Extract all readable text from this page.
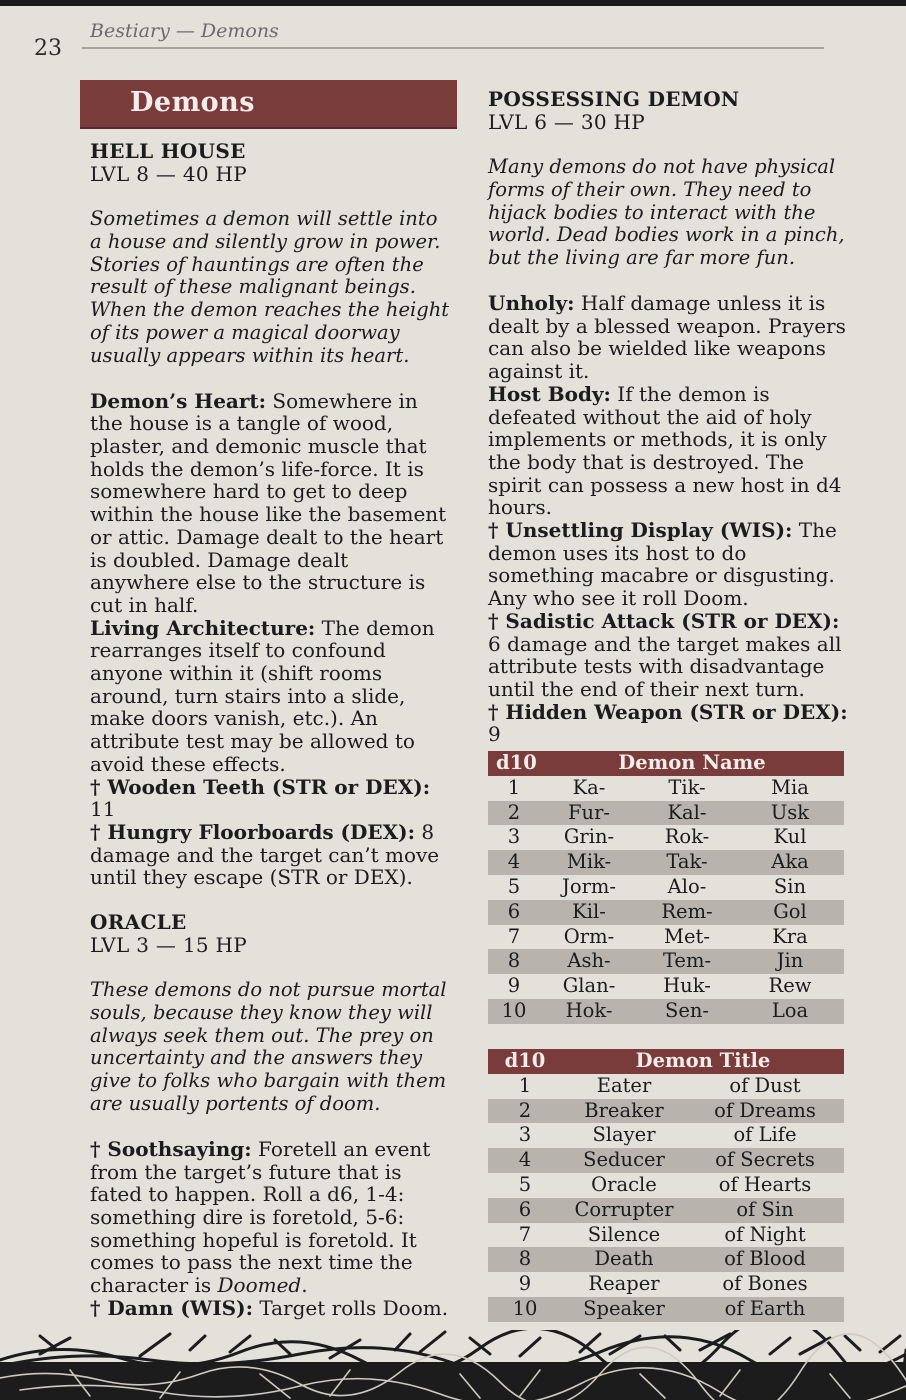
23
Bestiary — Demons
Demons
HELL HOUSE
LVL 8 — 40 HP
Sometimes a demon will settle into a house and silently grow in power. Stories of hauntings are often the result of these malignant beings. When the demon reaches the height of its power a magical doorway usually appears within its heart.
Demon’s Heart: Somewhere in the house is a tangle of wood, plaster, and demonic muscle that holds the demon’s life-force. It is somewhere hard to get to deep within the house like the basement or attic. Damage dealt to the heart is doubled. Damage dealt anywhere else to the structure is cut in half.
Living Architecture: The demon rearranges itself to confound anyone within it (shift rooms around, turn stairs into a slide, make doors vanish, etc.). An attribute test may be allowed to avoid these effects.
† Wooden Teeth (STR or DEX): 11
† Hungry Floorboards (DEX): 8 damage and the target can’t move until they escape (STR or DEX).
ORACLE
LVL 3 — 15 HP
These demons do not pursue mortal souls, because they know they will always seek them out. The prey on uncertainty and the answers they give to folks who bargain with them are usually portents of doom.
† Soothsaying: Foretell an event from the target’s future that is fated to happen. Roll a d6, 1-4: something dire is foretold, 5-6: something hopeful is foretold. It comes to pass the next time the character is Doomed.
† Damn (WIS): Target rolls Doom.
POSSESSING DEMON
LVL 6 — 30 HP
Many demons do not have physical forms of their own. They need to hijack bodies to interact with the world. Dead bodies work in a pinch, but the living are far more fun.
Unholy: Half damage unless it is dealt by a blessed weapon. Prayers can also be wielded like weapons against it.
Host Body: If the demon is defeated without the aid of holy implements or methods, it is only the body that is destroyed. The spirit can possess a new host in d4 hours.
† Unsettling Display (WIS): The demon uses its host to do something macabre or disgusting. Any who see it roll Doom.
† Sadistic Attack (STR or DEX): 6 damage and the target makes all attribute tests with disadvantage until the end of their next turn.
† Hidden Weapon (STR or DEX): 9
d10	Demon Name		
1	Ka-	Tik-	Mia
2	Fur-	Kal-	Usk
3	Grin-	Rok-	Kul
4	Mik-	Tak-	Aka
5	Jorm-	Alo-	Sin
6	Kil-	Rem-	Gol
7	Orm-	Met-	Kra
8	Ash-	Tem-	Jin
9	Glan-	Huk-	Rew
10	Hok-	Sen-	Loa
d10	Demon Title	
1	Eater	of Dust
2	Breaker	of Dreams
3	Slayer	of Life
4	Seducer	of Secrets
5	Oracle	of Hearts
6	Corrupter	of Sin
7	Silence	of Night
8	Death	of Blood
9	Reaper	of Bones
10	Speaker	of Earth
